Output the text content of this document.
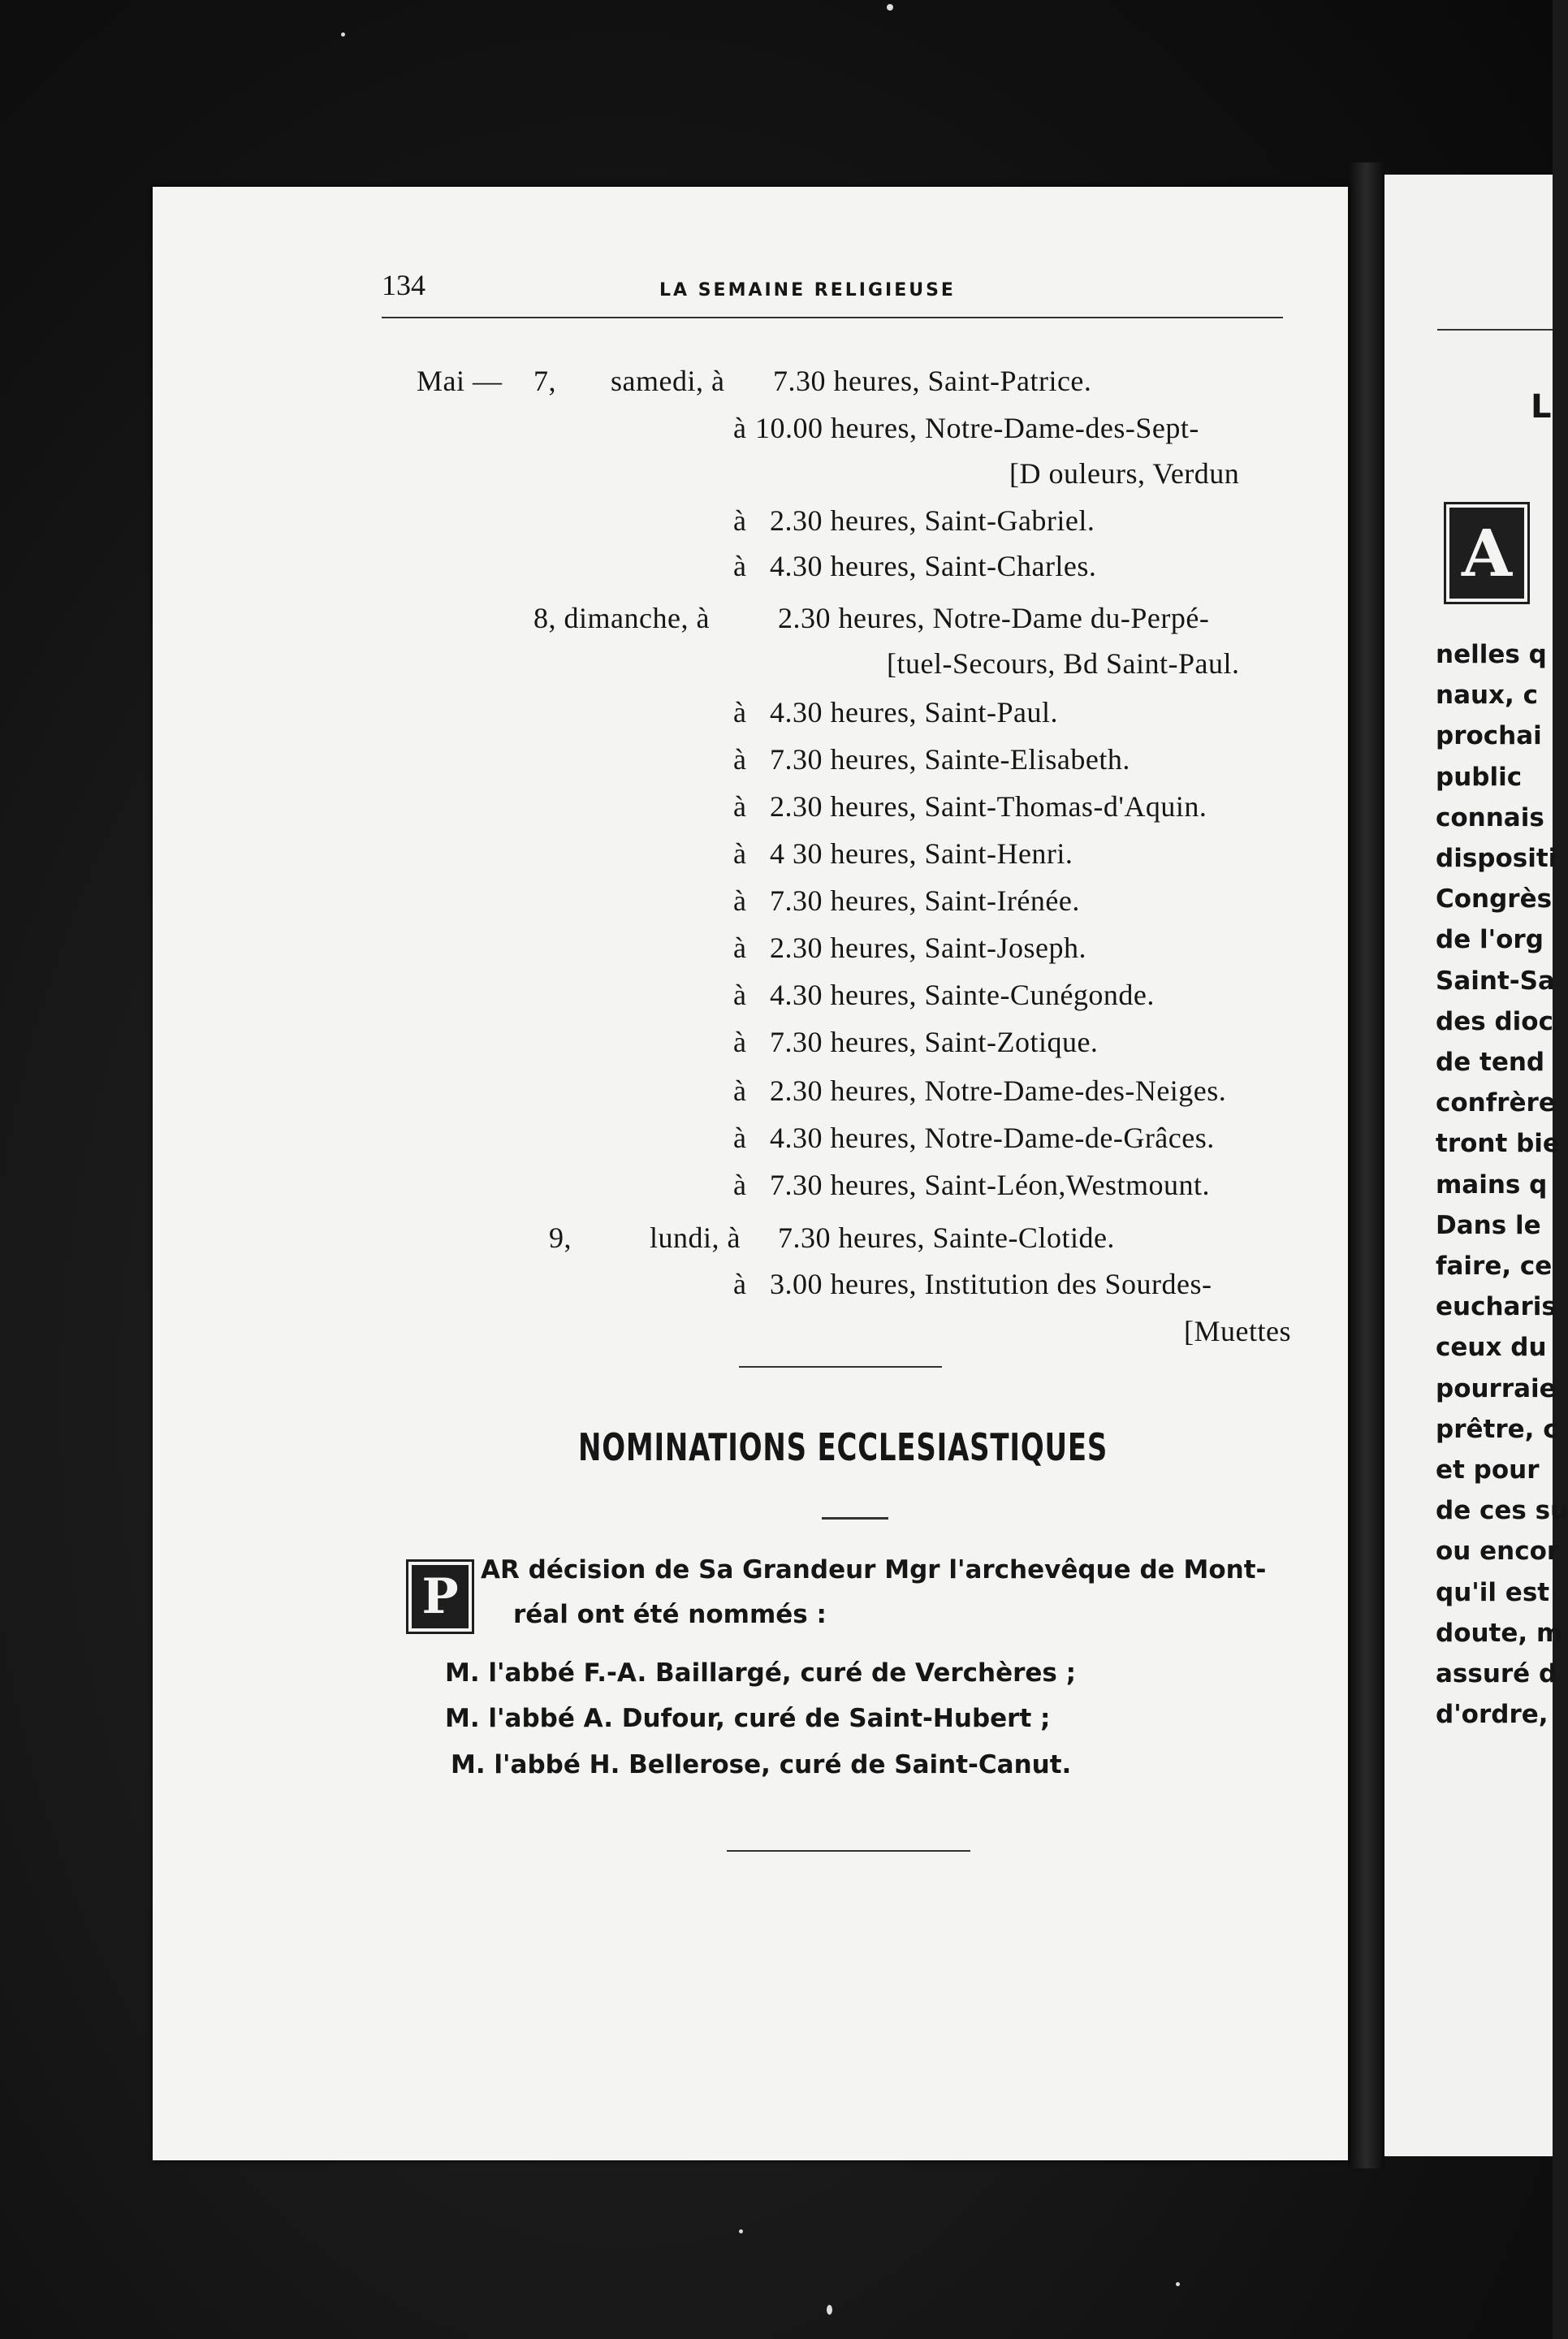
134	LA SEMAINE RELIGIEUSE
Mai — 7, samedi, à 7.30 heures, Saint-Patrice.
à 10.00 heures, Notre-Dame-des-Sept-
[D ouleurs, Verdun
à 2.30 heures, Saint-Gabriel.
à 4.30 heures, Saint-Charles.
8, dimanche, à 2.30 heures, Notre-Dame du-Perpé-
[tuel-Secours, Bd Saint-Paul.
à 4.30 heures, Saint-Paul.
à 7.30 heures, Sainte-Elisabeth.
à 2.30 heures, Saint-Thomas-d'Aquin.
à 4 30 heures, Saint-Henri.
à 7.30 heures, Saint-Irénée.
à 2.30 heures, Saint-Joseph.
à 4.30 heures, Sainte-Cunégonde.
à 7.30 heures, Saint-Zotique.
à 2.30 heures, Notre-Dame-des-Neiges.
à 4.30 heures, Notre-Dame-de-Grâces.
à 7.30 heures, Saint-Léon,Westmount.
9,	lundi, à 7.30 heures, Sainte-Clotide.
à 3.00 heures, Institution des Sourdes-
[Muettes
NOMINATIONS ECCLESIASTIQUES
P AR décision de Sa Grandeur Mgr l'archevêque de Mont-
réal ont été nommés :
M. l'abbé F.-A. Baillargé, curé de Verchères ;
M. l'abbé A. Dufour, curé de Saint-Hubert ;
M. l'abbé H. Bellerose, curé de Saint-Canut.
L
A
nelles q
naux, c
prochai
public
connais
dispositi
Congrès
de l'org
Saint-Sa
des dioc
de tend
confrère
tront bie
mains q
Dans le
faire, ce
eucharis
ceux du
pourraie
prêtre, c
et pour
de ces su
ou encor
qu'il est
doute, m
assuré d
d'ordre,
